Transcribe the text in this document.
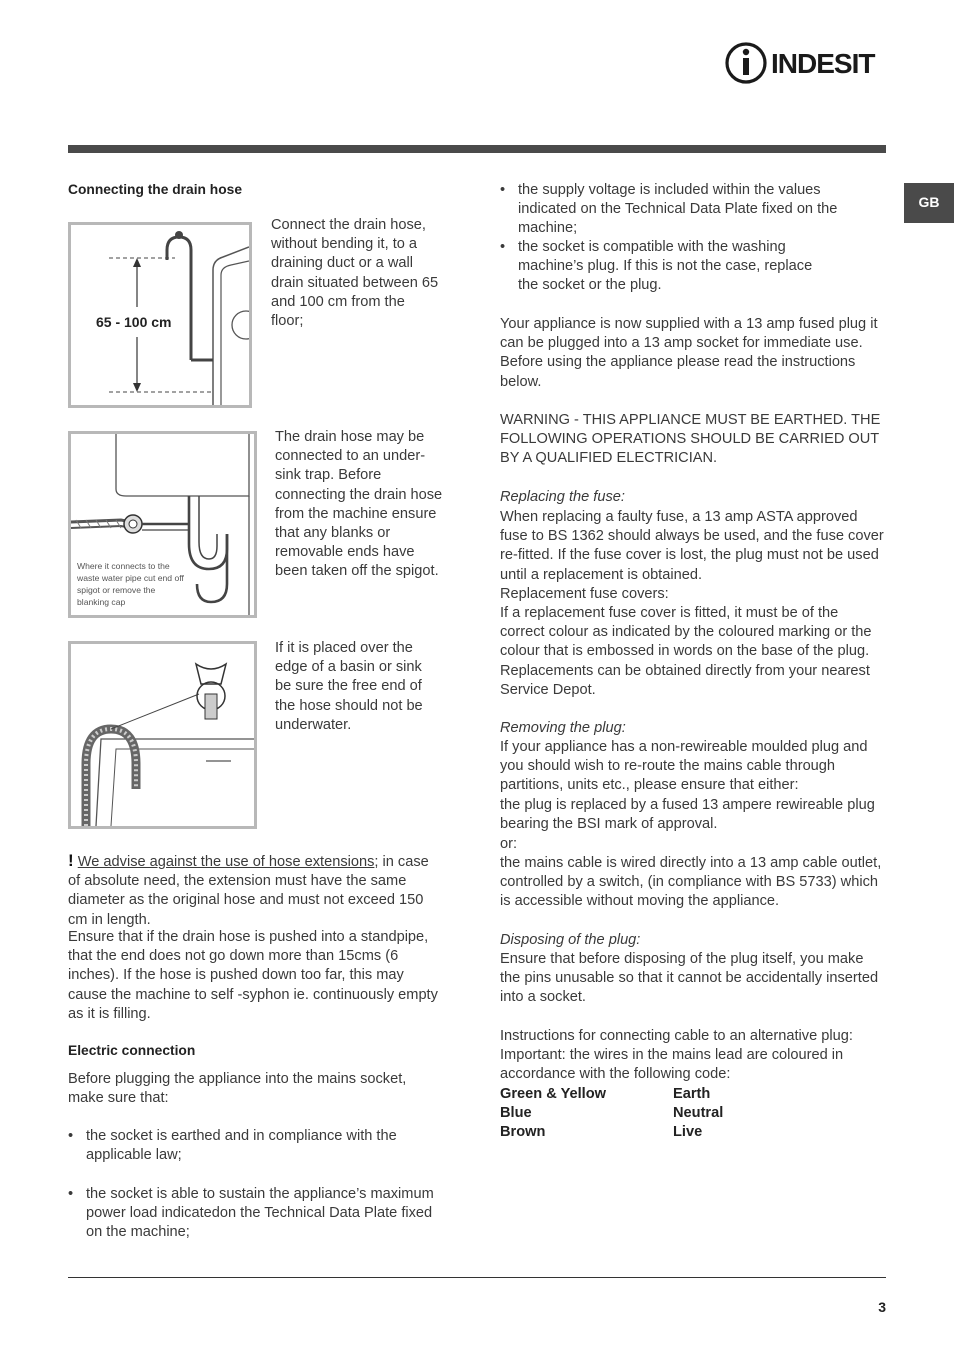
INDESIT
GB
Connecting the drain hose
65 - 100 cm

Connect the drain hose, without bending it, to a draining duct or a wall drain situated between 65 and 100 cm from the floor;

Where it connects to the waste water pipe cut end off spigot or remove the blanking cap

The drain hose may be connected to an under-sink trap. Before connecting the drain hose from the machine ensure that any blanks or removable ends have been taken off the spigot.

If it is placed over the edge of a basin or sink be sure the free end of the hose should not be underwater.

! We advise against the use of hose extensions; in case of absolute need, the extension must have the same diameter as the original hose and must not exceed 150 cm in length.

Ensure that if the drain hose is pushed into a standpipe, that the end does not go down more than 15cms (6 inches). If the hose is pushed down too far, this may cause the machine to self -syphon ie. continuously empty as it is filling.

Electric connection

Before plugging the appliance into the mains socket, make sure that:

• the socket is earthed and in compliance with the applicable law;

• the socket is able to sustain the appliance’s maximum power load indicatedon the Technical Data Plate fixed on the machine;

• the supply voltage is included within the values indicated on the Technical Data Plate fixed on the machine;

• the socket is compatible with the washing machine’s plug. If this is not the case, replace the socket or the plug.

Your appliance is now supplied with a 13 amp fused plug it can be plugged into a 13 amp socket for immediate use. Before using the appliance please read the instructions below.

WARNING - THIS APPLIANCE MUST BE EARTHED. THE FOLLOWING OPERATIONS SHOULD BE CARRIED OUT BY A QUALIFIED ELECTRICIAN.

Replacing the fuse:

When replacing a faulty fuse, a 13 amp ASTA approved fuse to BS 1362 should always be used, and the fuse cover re-fitted. If the fuse cover is lost, the plug must not be used until a replacement is obtained.

Replacement fuse covers:

If a replacement fuse cover is fitted, it must be of the correct colour as indicated by the coloured marking or the colour that is embossed in words on the base of the plug. Replacements can be obtained directly from your nearest Service Depot.

Removing the plug:

If your appliance has a non-rewireable moulded plug and you should wish to re-route the mains cable through partitions, units etc., please ensure that either:

the plug is replaced by a fused 13 ampere rewireable plug bearing the BSI mark of approval.

or:

the mains cable is wired directly into a 13 amp cable outlet, controlled by a switch, (in compliance with BS 5733) which is accessible without moving the appliance.

Disposing of the plug:

Ensure that before disposing of the plug itself, you make the pins unusable so that it cannot be accidentally inserted into a socket.

Instructions for connecting cable to an alternative plug: Important: the wires in the mains lead are coloured in accordance with the following code:

Green & Yellow	Earth
Blue	Neutral
Brown	Live
3
